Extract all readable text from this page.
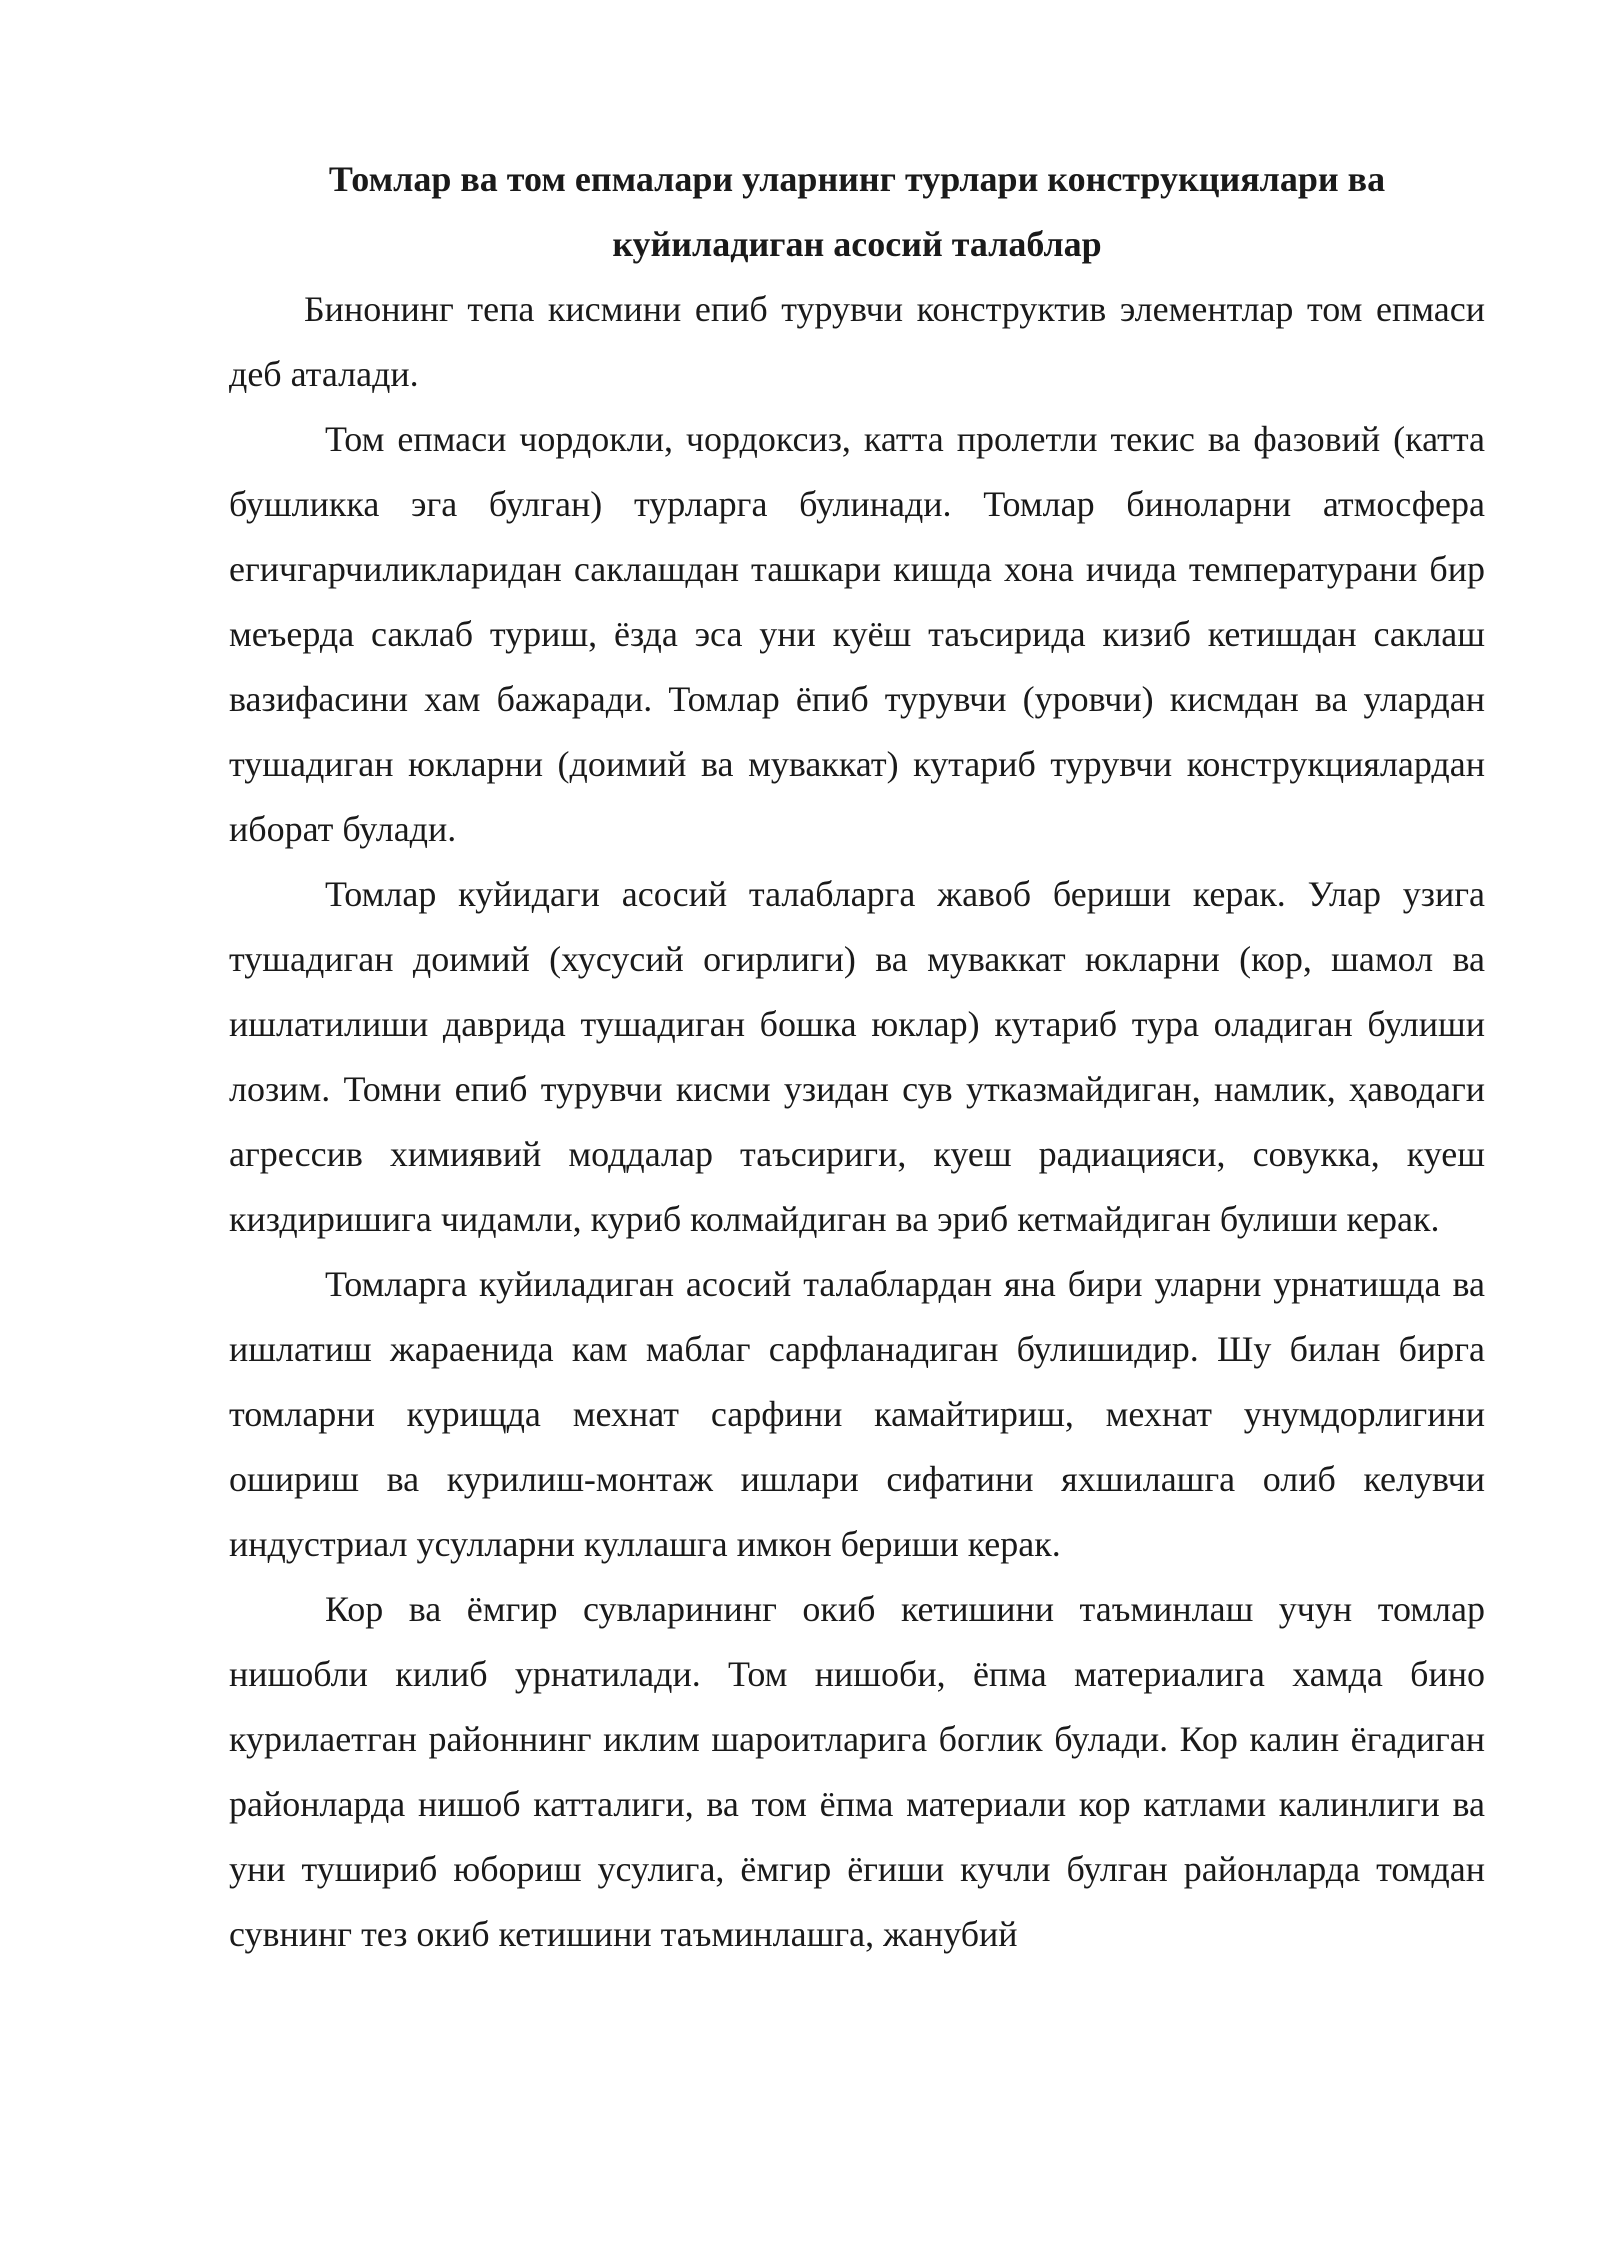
Томлар ва том епмалари уларнинг турлари конструкциялари ва куйиладиган асосий талаблар

Бинонинг тепа кисмини епиб турувчи конструктив элементлар том епмаси деб аталади.

Том епмаси чордокли, чордоксиз, катта пролетли текис ва фазовий (катта бушликка эга булган) турларга булинади. Томлар биноларни атмосфера егичгарчиликларидан саклашдан ташкари кишда хона ичида температурани бир меъерда саклаб туриш, ёзда эса уни куёш таъсирида кизиб кетишдан саклаш вазифасини хам бажаради. Томлар ёпиб турувчи (уровчи) кисмдан ва улардан тушадиган юкларни (доимий ва муваккат) кутариб турувчи конструкциялардан иборат булади.

Томлар куйидаги асосий талабларга жавоб бериши керак. Улар узига тушадиган доимий (хусусий огирлиги) ва муваккат юкларни (кор, шамол ва ишлатилиши даврида тушадиган бошка юклар) кутариб тура оладиган булиши лозим. Томни епиб турувчи кисми узидан сув утказмайдиган, намлик, ҳаводаги агрессив химиявий моддалар таъсириги, куеш радиацияси, совукка, куеш киздиришига чидамли, куриб колмайдиган ва эриб кетмайдиган булиши керак.

Томларга куйиладиган асосий талаблардан яна бири уларни урнатишда ва ишлатиш жараенида кам маблаг сарфланадиган булишидир. Шу билан бирга томларни курищда мехнат сарфини камайтириш, мехнат унумдорлигини ошириш ва курилиш-монтаж ишлари сифатини яхшилашга олиб келувчи индустриал усулларни куллашга имкон бериши керак.

Кор ва ёмгир сувларининг окиб кетишини таъминлаш учун томлар нишобли килиб урнатилади. Том нишоби, ёпма материалига хамда бино курилаетган районнинг иклим шароитларига боглик булади. Кор калин ёгадиган районларда нишоб катталиги, ва том ёпма материали кор катлами калинлиги ва уни тушириб юбориш усулига, ёмгир ёгиши кучли булган районларда томдан сувнинг тез окиб кетишини таъминлашга, жанубий
